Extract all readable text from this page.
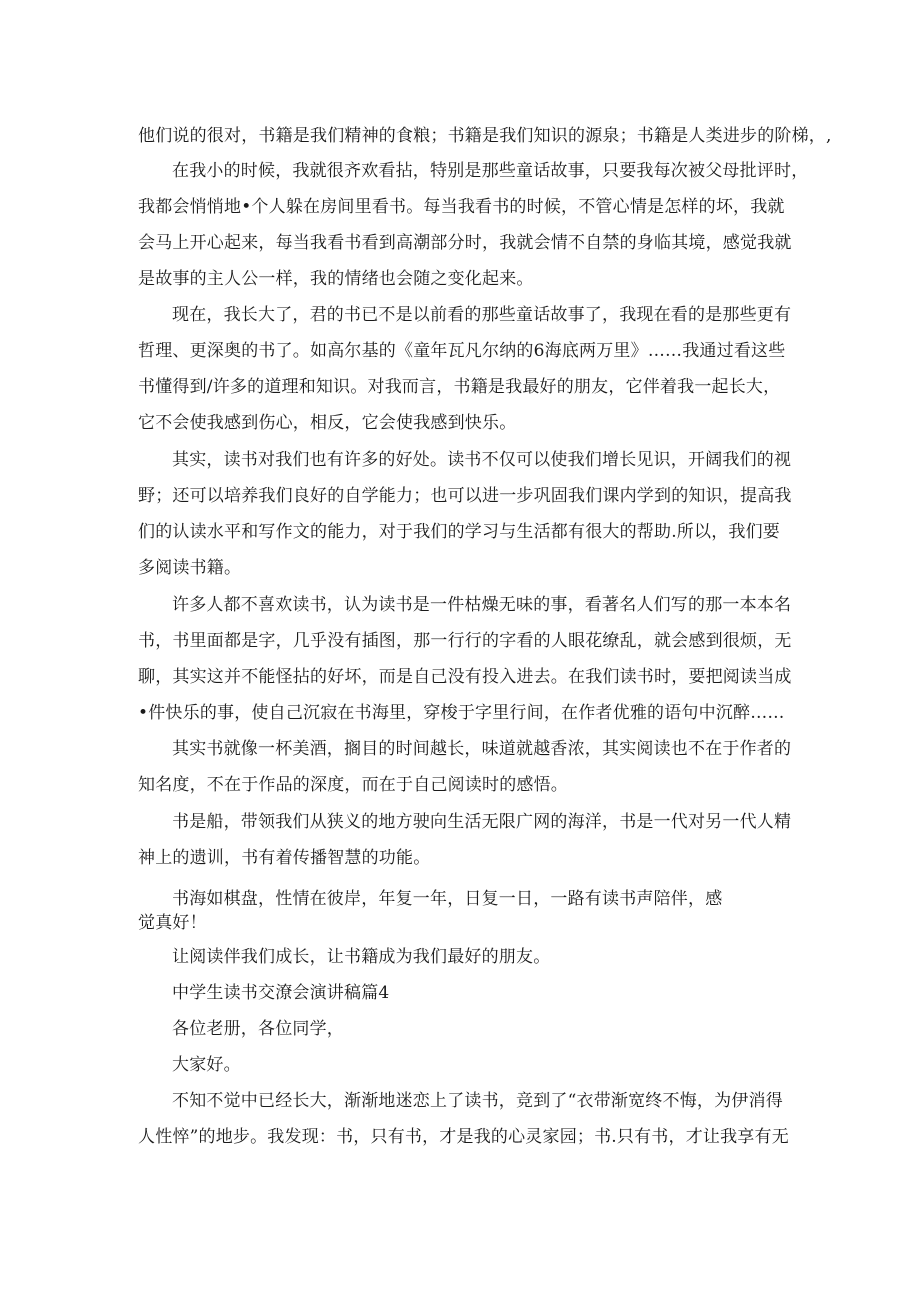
他们说的很对，书籍是我们精神的食粮；书籍是我们知识的源泉；书籍是人类进步的阶梯，,
在我小的时候，我就很齐欢看拈，特别是那些童话故事，只要我每次被父母批评时，
我都会悄悄地•个人躲在房间里看书。每当我看书的时候，不管心情是怎样的坏，我就
会马上开心起来，每当我看书看到高潮部分时，我就会情不自禁的身临其境，感觉我就
是故事的主人公一样，我的情绪也会随之变化起来。
现在，我长大了，君的书已不是以前看的那些童话故事了，我现在看的是那些更有
哲理、更深奥的书了。如高尔基的《童年瓦凡尔纳的6海底两万里》……我通过看这些
书懂得到/许多的道理和知识。对我而言，书籍是我最好的朋友，它伴着我一起长大，
它不会使我感到伤心，相反，它会使我感到快乐。
其实，读书对我们也有许多的好处。读书不仅可以使我们增长见识，开阔我们的视
野；还可以培养我们良好的自学能力；也可以进一步巩固我们课内学到的知识，提高我
们的认读水平和写作文的能力，对于我们的学习与生活都有很大的帮助.所以，我们要
多阅读书籍。
许多人都不喜欢读书，认为读书是一件枯燥无味的事，看著名人们写的那一本本名
书，书里面都是字，几乎没有插图，那一行行的字看的人眼花缭乱，就会感到很烦，无
聊，其实这并不能怪拈的好坏，而是自己没有投入进去。在我们读书时，要把阅读当成
•件快乐的事，使自己沉寂在书海里，穿梭于字里行间，在作者优雅的语句中沉醉……
其实书就像一杯美酒，搁目的时间越长，味道就越香浓，其实阅读也不在于作者的
知名度，不在于作品的深度，而在于自己阅读时的感悟。
书是船，带领我们从狭义的地方驶向生活无限广网的海洋，书是一代对另一代人精
神上的遗训，书有着传播智慧的功能。
书海如棋盘，性情在彼岸，年复一年，日复一日，一路有读书声陪伴，感
觉真好！
让阅读伴我们成长，让书籍成为我们最好的朋友。
中学生读书交潦会演讲稿篇4
各位老册，各位同学，
大家好。
不知不觉中已经长大，渐渐地迷恋上了读书，竞到了“衣带渐宽终不悔，为伊消得
人性悴”的地步。我发现：书，只有书，才是我的心灵家园；书.只有书，才让我享有无
